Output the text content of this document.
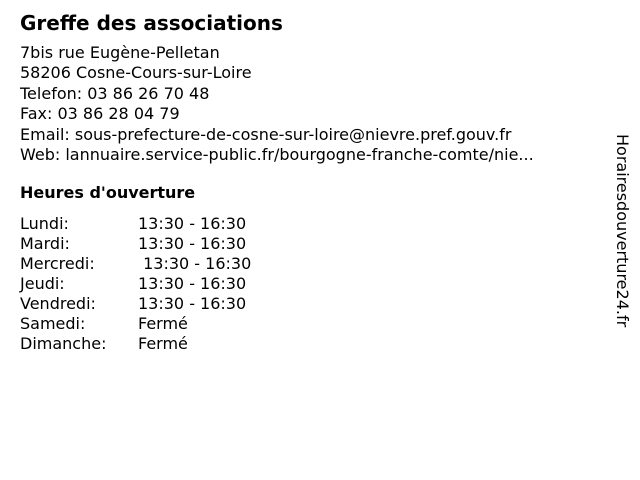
Greffe des associations
7bis rue Eugène-Pelletan
58206 Cosne-Cours-sur-Loire
Telefon: 03 86 26 70 48
Fax: 03 86 28 04 79
Email: sous-prefecture-de-cosne-sur-loire@nievre.pref.gouv.fr
Web: lannuaire.service-public.fr/bourgogne-franche-comte/nie...
Heures d'ouverture
Lundi:	13:30 - 16:30
Mardi:	13:30 - 16:30
Mercredi:	13:30 - 16:30
Jeudi:	13:30 - 16:30
Vendredi:	13:30 - 16:30
Samedi:	Fermé
Dimanche:	Fermé
Horairesdouverture24.fr
